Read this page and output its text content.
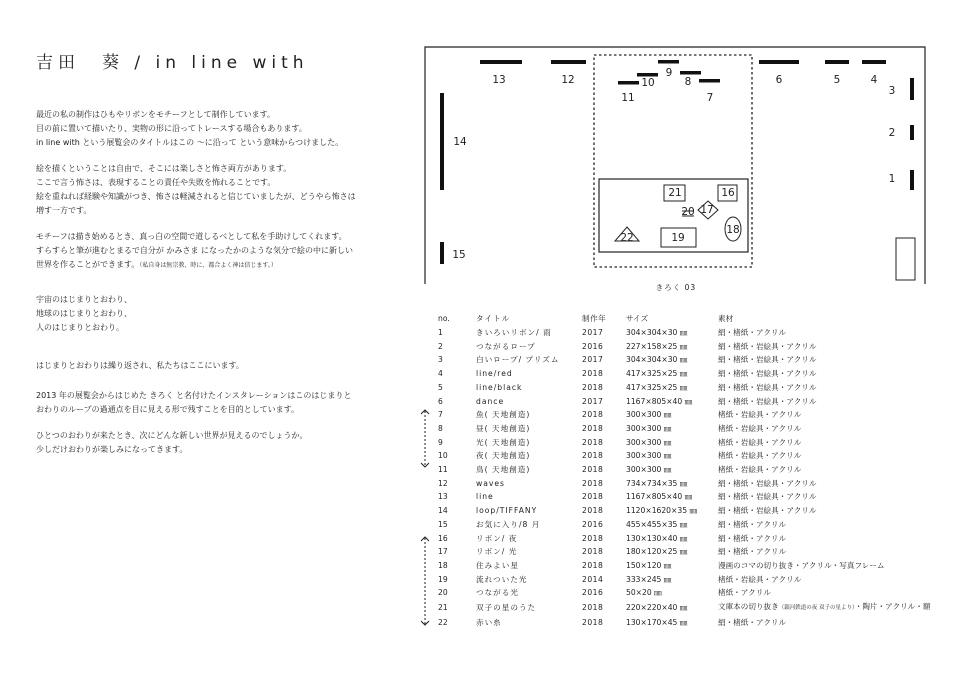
吉田　葵 / in line with
最近の私の制作はひもやリボンをモチーフとして制作しています。
目の前に置いて描いたり、実物の形に沿ってトレースする場合もあります。
in line with という展覧会のタイトルはこの ～に沿って という意味からつけました。
絵を描くということは自由で、そこには楽しさと怖さ両方があります。
ここで言う怖さは、表現することの責任や失敗を怖れることです。
絵を重ねれば経験や知識がつき、怖さは軽減されると信じていましたが、どうやら怖さは
増す一方です。
モチーフは描き始めるとき、真っ白の空間で道しるべとして私を手助けしてくれます。
すらすらと筆が進むとまるで自分が かみさま になったかのような気分で絵の中に新しい
世界を作ることができます。（私自身は無宗教、時に、都合よく神は信じます。）
宇宙のはじまりとおわり、
地球のはじまりとおわり、
人のはじまりとおわり。
はじまりとおわりは繰り返され、私たちはここにいます。
2013 年の展覧会からはじめた きろく と名付けたインスタレーションはこのはじまりと
おわりのループの過通点を目に見える形で残すことを目的としています。
ひとつのおわりが来たとき、次にどんな新しい世界が見えるのでしょうか。
少しだけおわりが楽しみになってきます。
13	12
11
10
9
8
7
6	5	4
3
2
1
14
15
21	16
20 17
18
19
22
きろく 03
no.	タイトル	制作年	サイズ	素材
1	きいろいリボン/ 雨	2017	304×304×30 ㎜	絹・楮紙・アクリル
2	つながるロープ	2016	227×158×25 ㎜	絹・楮紙・岩絵具・アクリル
3	白いロープ/ プリズム	2017	304×304×30 ㎜	絹・楮紙・岩絵具・アクリル
4	line/red	2018	417×325×25 ㎜	絹・楮紙・岩絵具・アクリル
5	line/black	2018	417×325×25 ㎜	絹・楮紙・岩絵具・アクリル
6	dance	2017	1167×805×40 ㎜	絹・楮紙・岩絵具・アクリル
7	魚( 天地創造)	2018	300×300 ㎜	楮紙・岩絵具・アクリル
8	昼( 天地創造)	2018	300×300 ㎜	楮紙・岩絵具・アクリル
9	光( 天地創造)	2018	300×300 ㎜	楮紙・岩絵具・アクリル
10	夜( 天地創造)	2018	300×300 ㎜	楮紙・岩絵具・アクリル
11	鳥( 天地創造)	2018	300×300 ㎜	楮紙・岩絵具・アクリル
12	waves	2018	734×734×35 ㎜	絹・楮紙・岩絵具・アクリル
13	line	2018	1167×805×40 ㎜	絹・楮紙・岩絵具・アクリル
14	loop/TIFFANY	2018	1120×1620×35 ㎜	絹・楮紙・岩絵具・アクリル
15	お気に入り/8 月	2016	455×455×35 ㎜	絹・楮紙・アクリル
16	リボン/ 夜	2018	130×130×40 ㎜	絹・楮紙・アクリル
17	リボン/ 光	2018	180×120×25 ㎜	絹・楮紙・アクリル
18	住みよい星	2018	150×120 ㎜	漫画のコマの切り抜き・アクリル・写真フレーム
19	流れついた光	2014	333×245 ㎜	楮紙・岩絵具・アクリル
20	つながる光	2016	50×20 ㎜	楮紙・アクリル
21	双子の星のうた	2018	220×220×40 ㎜	文庫本の切り抜き（銀河鉄道の夜 双子の星より）・陶片・アクリル・額
22	赤い糸	2018	130×170×45 ㎜	絹・楮紙・アクリル
